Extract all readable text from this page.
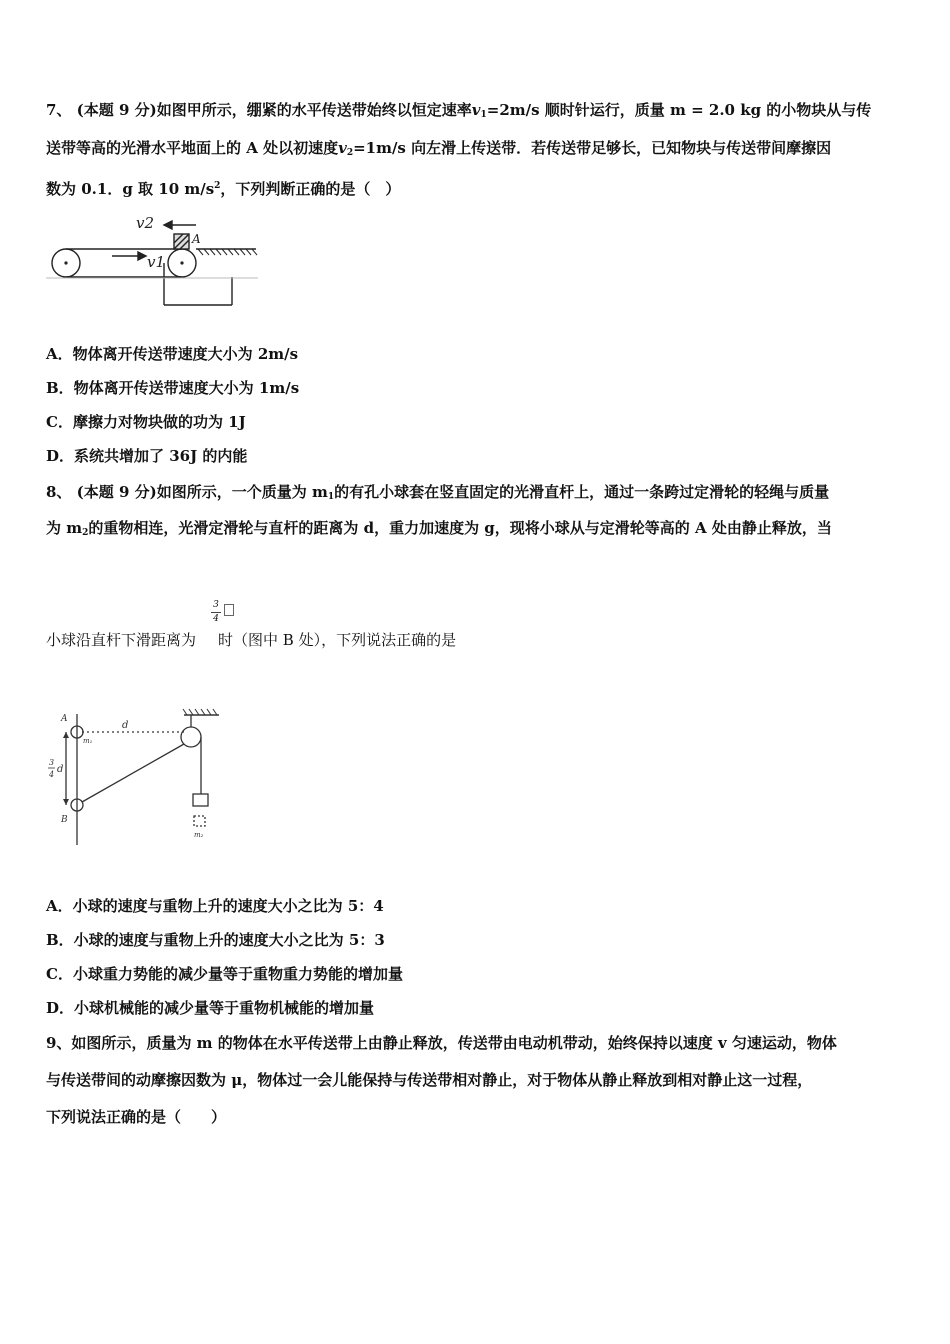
7、 (本题 9 分)如图甲所示，绷紧的水平传送带始终以恒定速率$v_1=2m/s$ 顺时针运行，质量 m = 2.0 kg 的小物块从与传
送带等高的光滑水平地面上的 A 处以初速度$v_2=1m/s$ 向左滑上传送带．若传送带足够长，已知物块与传送带间摩擦因
数为 0.1．g 取 10 $m/s^2$，下列判断正确的是（　）
v2
A
v1
A．物体离开传送带速度大小为 2m/s
B．物体离开传送带速度大小为 1m/s
C．摩擦力对物块做的功为 1J
D．系统共增加了 36J 的内能
8、 (本题 9 分)如图所示，一个质量为 $m_1$的有孔小球套在竖直固定的光滑直杆上，通过一条跨过定滑轮的轻绳与质量
为 $m_2$的重物相连，光滑定滑轮与直杆的距离为 d，重力加速度为 g，现将小球从与定滑轮等高的 A 处由静止释放，当
3
4
小球沿直杆下滑距离为 时（图中 B 处），下列说法正确的是
A
d
m₁
3
4 d
B
m₂
A．小球的速度与重物上升的速度大小之比为 5：4
B．小球的速度与重物上升的速度大小之比为 5：3
C．小球重力势能的减少量等于重物重力势能的增加量
D．小球机械能的减少量等于重物机械能的增加量
9、如图所示，质量为 m 的物体在水平传送带上由静止释放，传送带由电动机带动，始终保持以速度 v 匀速运动，物体
与传送带间的动摩擦因数为 μ，物体过一会儿能保持与传送带相对静止，对于物体从静止释放到相对静止这一过程，
下列说法正确的是（　　）
